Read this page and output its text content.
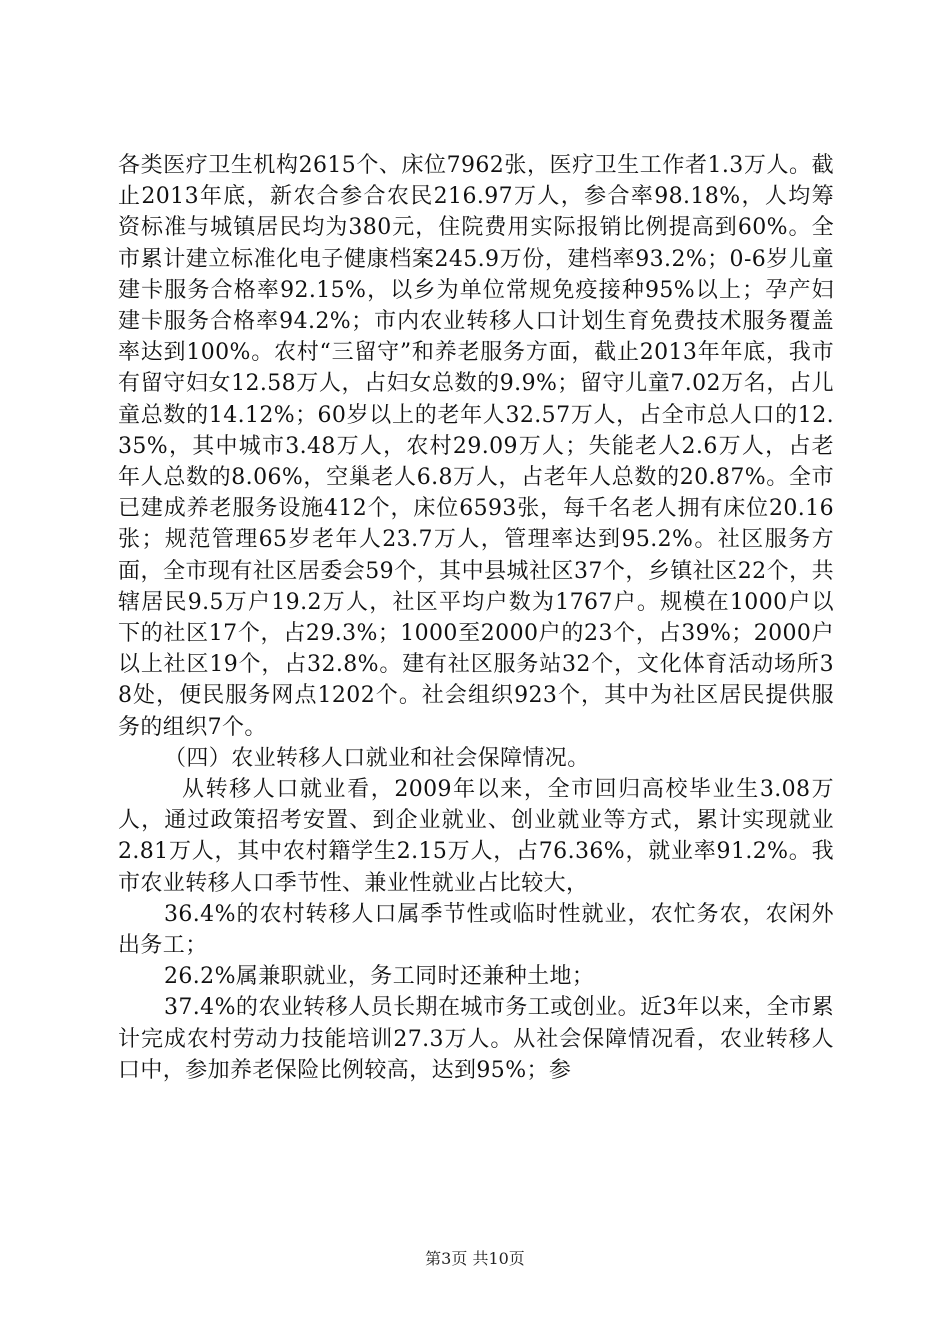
各类医疗卫生机构2615个、床位7962张，医疗卫生工作者1.3万人。截止2013年底，新农合参合农民216.97万人，参合率98.18%，人均筹资标准与城镇居民均为380元，住院费用实际报销比例提高到60%。全市累计建立标准化电子健康档案245.9万份，建档率93.2%；0-6岁儿童建卡服务合格率92.15%，以乡为单位常规免疫接种95%以上；孕产妇建卡服务合格率94.2%；市内农业转移人口计划生育免费技术服务覆盖率达到100%。农村“三留守”和养老服务方面，截止2013年年底，我市有留守妇女12.58万人，占妇女总数的9.9%；留守儿童7.02万名，占儿童总数的14.12%；60岁以上的老年人32.57万人，占全市总人口的12.35%，其中城市3.48万人，农村29.09万人；失能老人2.6万人，占老年人总数的8.06%，空巢老人6.8万人，占老年人总数的20.87%。全市已建成养老服务设施412个，床位6593张，每千名老人拥有床位20.16张；规范管理65岁老年人23.7万人，管理率达到95.2%。社区服务方面，全市现有社区居委会59个，其中县城社区37个，乡镇社区22个，共辖居民9.5万户19.2万人，社区平均户数为1767户。规模在1000户以下的社区17个，占29.3%；1000至2000户的23个，占39%；2000户以上社区19个，占32.8%。建有社区服务站32个，文化体育活动场所38处，便民服务网点1202个。社会组织923个，其中为社区居民提供服务的组织7个。

（四）农业转移人口就业和社会保障情况。

从转移人口就业看，2009年以来，全市回归高校毕业生3.08万人，通过政策招考安置、到企业就业、创业就业等方式，累计实现就业2.81万人，其中农村籍学生2.15万人，占76.36%，就业率91.2%。我市农业转移人口季节性、兼业性就业占比较大，

36.4%的农村转移人口属季节性或临时性就业，农忙务农，农闲外出务工；

26.2%属兼职就业，务工同时还兼种土地；

37.4%的农业转移人员长期在城市务工或创业。近3年以来，全市累计完成农村劳动力技能培训27.3万人。从社会保障情况看，农业转移人口中，参加养老保险比例较高，达到95%；参

第3页 共10页
